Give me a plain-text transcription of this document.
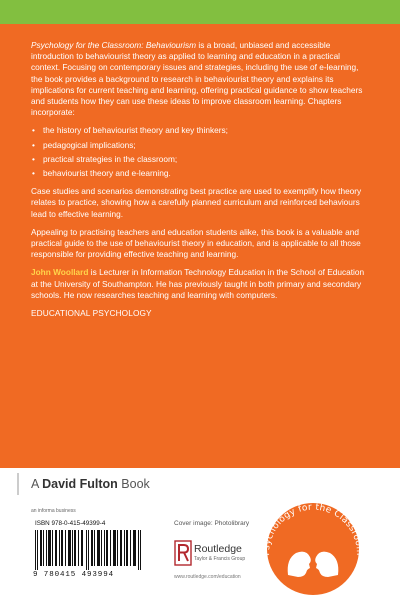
Psychology for the Classroom: Behaviourism is a broad, unbiased and accessible introduction to behaviourist theory as applied to learning and education in a practical context. Focusing on contemporary issues and strategies, including the use of e-learning, the book provides a background to research in behaviourist theory and explains its implications for current teaching and learning, offering practical guidance to show teachers and students how they can use these ideas to improve classroom learning. Chapters incorporate:

• the history of behaviourist theory and key thinkers;
• pedagogical implications;
• practical strategies in the classroom;
• behaviourist theory and e-learning.

Case studies and scenarios demonstrating best practice are used to exemplify how theory relates to practice, showing how a carefully planned curriculum and reinforced behaviours lead to effective learning.

Appealing to practising teachers and education students alike, this book is a valuable and practical guide to the use of behaviourist theory in education, and is applicable to all those responsible for providing effective teaching and learning.

John Woollard is Lecturer in Information Technology Education in the School of Education at the University of Southampton. He has previously taught in both primary and secondary schools. He now researches teaching and learning with computers.

EDUCATIONAL PSYCHOLOGY

A David Fulton Book
an informa business
ISBN 978-0-415-49399-4
9 780415 493994
Cover image: Photolibrary
Routledge
Taylor & Francis Group
www.routledge.com/education
Psychology for the Classroom
